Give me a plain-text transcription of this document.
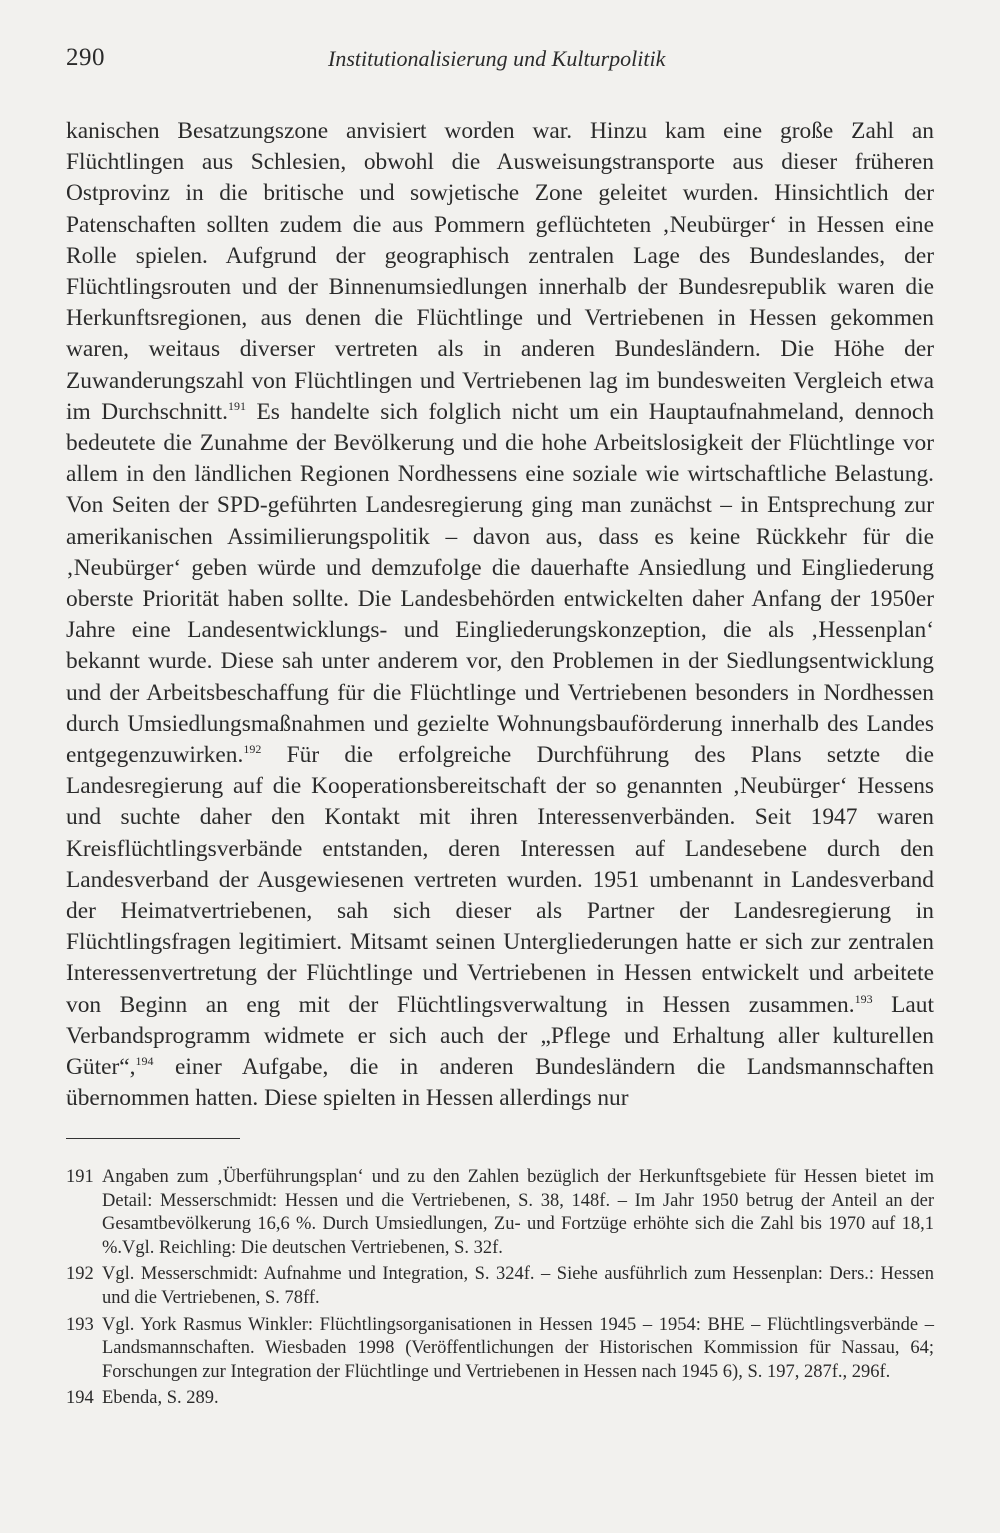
290	Institutionalisierung und Kulturpolitik

kanischen Besatzungszone anvisiert worden war. Hinzu kam eine große Zahl an Flüchtlingen aus Schlesien, obwohl die Ausweisungstransporte aus dieser früheren Ostprovinz in die britische und sowjetische Zone geleitet wurden. Hinsichtlich der Patenschaften sollten zudem die aus Pommern geflüchteten ‚Neubürger‘ in Hessen eine Rolle spielen. Aufgrund der geographisch zentralen Lage des Bundeslandes, der Flüchtlingsrouten und der Binnenumsiedlungen innerhalb der Bundesrepublik waren die Herkunftsregionen, aus denen die Flüchtlinge und Vertriebenen in Hessen gekommen waren, weitaus diverser vertreten als in anderen Bundesländern. Die Höhe der Zuwanderungszahl von Flüchtlingen und Vertriebenen lag im bundesweiten Vergleich etwa im Durchschnitt.$^{191}$ Es handelte sich folglich nicht um ein Hauptaufnahmeland, dennoch bedeutete die Zunahme der Bevölkerung und die hohe Arbeitslosigkeit der Flüchtlinge vor allem in den ländlichen Regionen Nordhessens eine soziale wie wirtschaftliche Belastung. Von Seiten der SPD-geführten Landesregierung ging man zunächst – in Entsprechung zur amerikanischen Assimilierungspolitik – davon aus, dass es keine Rückkehr für die ‚Neubürger‘ geben würde und demzufolge die dauerhafte Ansiedlung und Eingliederung oberste Priorität haben sollte. Die Landesbehörden entwickelten daher Anfang der 1950er Jahre eine Landesentwicklungs- und Eingliederungskonzeption, die als ‚Hessenplan‘ bekannt wurde. Diese sah unter anderem vor, den Problemen in der Siedlungsentwicklung und der Arbeitsbeschaffung für die Flüchtlinge und Vertriebenen besonders in Nordhessen durch Umsiedlungsmaßnahmen und gezielte Wohnungsbauförderung innerhalb des Landes entgegenzuwirken.$^{192}$ Für die erfolgreiche Durchführung des Plans setzte die Landesregierung auf die Kooperationsbereitschaft der so genannten ‚Neubürger‘ Hessens und suchte daher den Kontakt mit ihren Interessenverbänden. Seit 1947 waren Kreisflüchtlingsverbände entstanden, deren Interessen auf Landesebene durch den Landesverband der Ausgewiesenen vertreten wurden. 1951 umbenannt in Landesverband der Heimatvertriebenen, sah sich dieser als Partner der Landesregierung in Flüchtlingsfragen legitimiert. Mitsamt seinen Untergliederungen hatte er sich zur zentralen Interessenvertretung der Flüchtlinge und Vertriebenen in Hessen entwickelt und arbeitete von Beginn an eng mit der Flüchtlingsverwaltung in Hessen zusammen.$^{193}$ Laut Verbandsprogramm widmete er sich auch der „Pflege und Erhaltung aller kulturellen Güter“,$^{194}$ einer Aufgabe, die in anderen Bundesländern die Landsmannschaften übernommen hatten. Diese spielten in Hessen allerdings nur

191 Angaben zum ‚Überführungsplan‘ und zu den Zahlen bezüglich der Herkunftsgebiete für Hessen bietet im Detail: Messerschmidt: Hessen und die Vertriebenen, S. 38, 148f. – Im Jahr 1950 betrug der Anteil an der Gesamtbevölkerung 16,6 %. Durch Umsiedlungen, Zu- und Fortzüge erhöhte sich die Zahl bis 1970 auf 18,1 %.Vgl. Reichling: Die deutschen Vertriebenen, S. 32f.
192 Vgl. Messerschmidt: Aufnahme und Integration, S. 324f. – Siehe ausführlich zum Hessenplan: Ders.: Hessen und die Vertriebenen, S. 78ff.
193 Vgl. York Rasmus Winkler: Flüchtlingsorganisationen in Hessen 1945 – 1954: BHE – Flüchtlingsverbände – Landsmannschaften. Wiesbaden 1998 (Veröffentlichungen der Historischen Kommission für Nassau, 64; Forschungen zur Integration der Flüchtlinge und Vertriebenen in Hessen nach 1945 6), S. 197, 287f., 296f.
194 Ebenda, S. 289.
